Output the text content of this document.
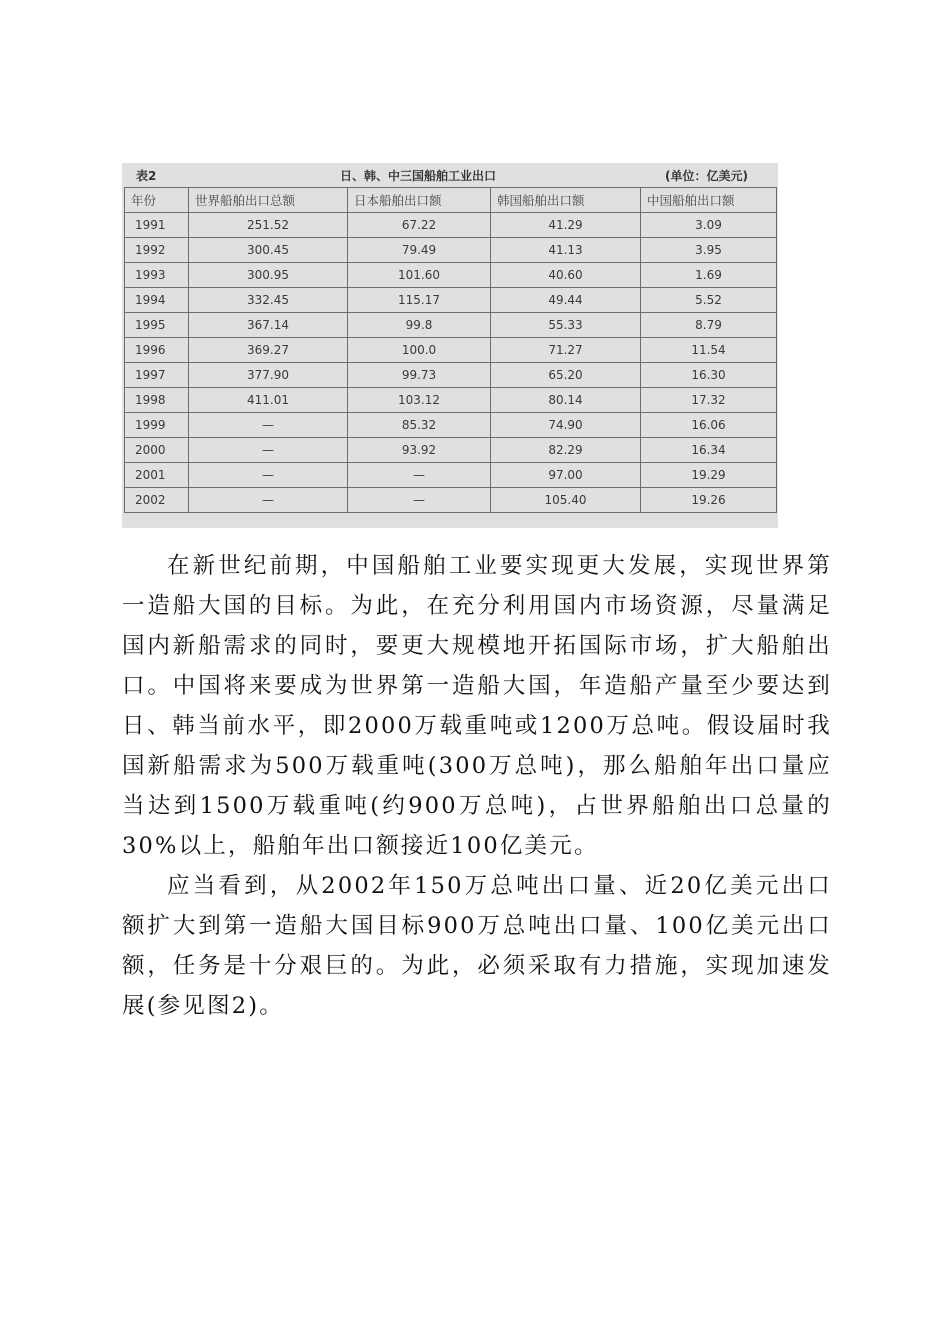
表2	日、韩、中三国船舶工业出口	(单位：亿美元)
年份	世界船舶出口总额	日本船舶出口额	韩国船舶出口额	中国船舶出口额
1991	251.52	67.22	41.29	3.09
1992	300.45	79.49	41.13	3.95
1993	300.95	101.60	40.60	1.69
1994	332.45	115.17	49.44	5.52
1995	367.14	99.8	55.33	8.79
1996	369.27	100.0	71.27	11.54
1997	377.90	99.73	65.20	16.30
1998	411.01	103.12	80.14	17.32
1999	—	85.32	74.90	16.06
2000	—	93.92	82.29	16.34
2001	—	—	97.00	19.29
2002	—	—	105.40	19.26

在新世纪前期，中国船舶工业要实现更大发展，实现世界第一造船大国的目标。为此，在充分利用国内市场资源，尽量满足国内新船需求的同时，要更大规模地开拓国际市场，扩大船舶出口。中国将来要成为世界第一造船大国，年造船产量至少要达到日、韩当前水平，即2000万载重吨或1200万总吨。假设届时我国新船需求为500万载重吨(300万总吨)，那么船舶年出口量应当达到1500万载重吨(约900万总吨)，占世界船舶出口总量的30%以上，船舶年出口额接近100亿美元。

应当看到，从2002年150万总吨出口量、近20亿美元出口额扩大到第一造船大国目标900万总吨出口量、100亿美元出口额，任务是十分艰巨的。为此，必须采取有力措施，实现加速发展(参见图2)。
